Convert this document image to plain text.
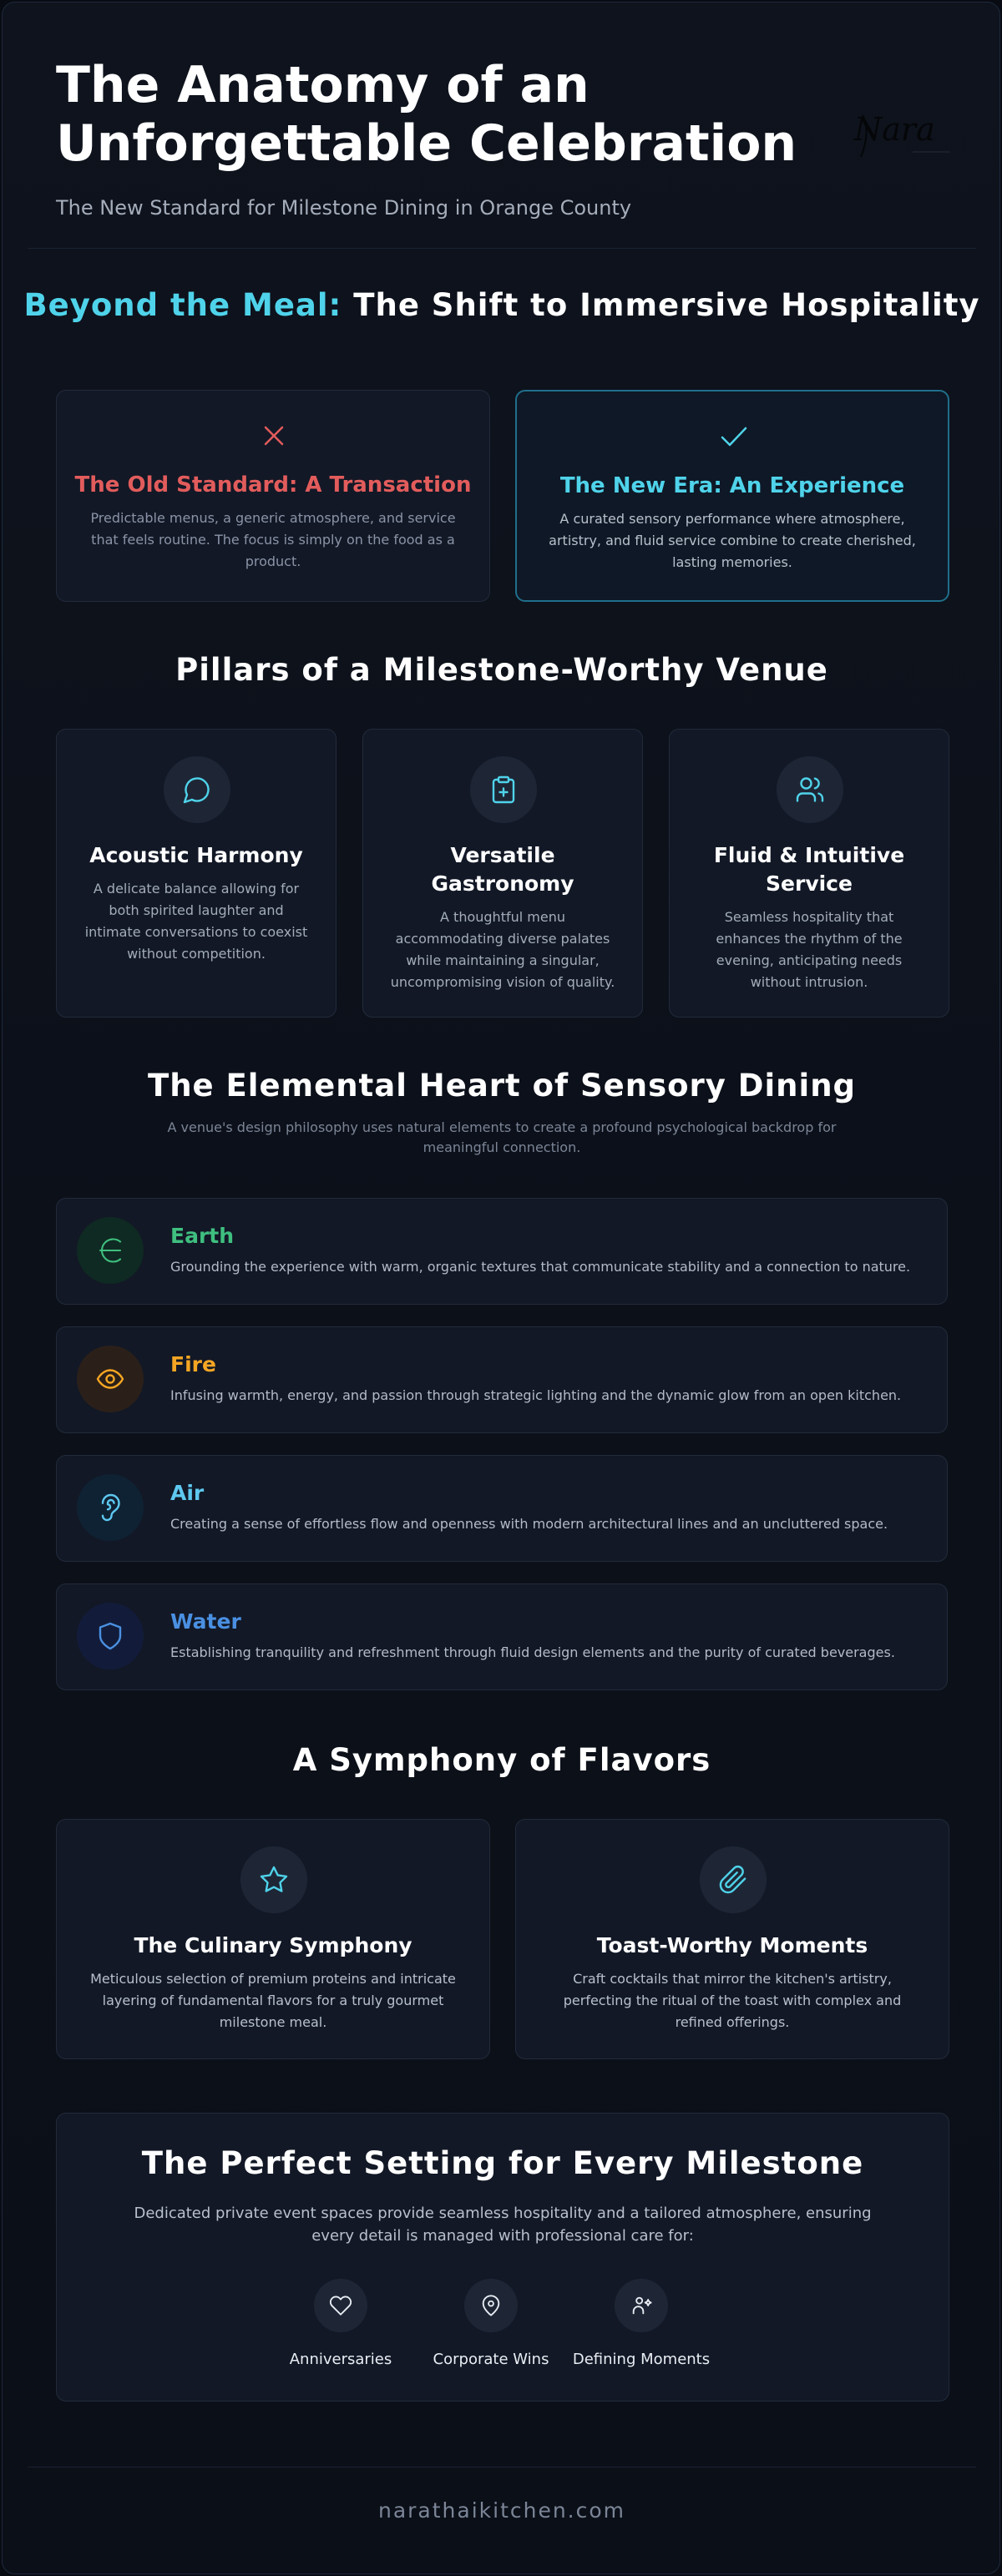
The Anatomy of an Unforgettable Celebration
The New Standard for Milestone Dining in Orange County
Nara
Beyond the Meal: The Shift to Immersive Hospitality
The Old Standard: A Transaction
Predictable menus, a generic atmosphere, and service that feels routine. The focus is simply on the food as a product.
The New Era: An Experience
A curated sensory performance where atmosphere, artistry, and fluid service combine to create cherished, lasting memories.
Pillars of a Milestone-Worthy Venue
Acoustic Harmony
A delicate balance allowing for both spirited laughter and intimate conversations to coexist without competition.
Versatile Gastronomy
A thoughtful menu accommodating diverse palates while maintaining a singular, uncompromising vision of quality.
Fluid & Intuitive Service
Seamless hospitality that enhances the rhythm of the evening, anticipating needs without intrusion.
The Elemental Heart of Sensory Dining
A venue's design philosophy uses natural elements to create a profound psychological backdrop for meaningful connection.
Earth
Grounding the experience with warm, organic textures that communicate stability and a connection to nature.
Fire
Infusing warmth, energy, and passion through strategic lighting and the dynamic glow from an open kitchen.
Air
Creating a sense of effortless flow and openness with modern architectural lines and an uncluttered space.
Water
Establishing tranquility and refreshment through fluid design elements and the purity of curated beverages.
A Symphony of Flavors
The Culinary Symphony
Meticulous selection of premium proteins and intricate layering of fundamental flavors for a truly gourmet milestone meal.
Toast-Worthy Moments
Craft cocktails that mirror the kitchen's artistry, perfecting the ritual of the toast with complex and refined offerings.
The Perfect Setting for Every Milestone
Dedicated private event spaces provide seamless hospitality and a tailored atmosphere, ensuring every detail is managed with professional care for:
Anniversaries	Corporate Wins	Defining Moments
narathaikitchen.com
